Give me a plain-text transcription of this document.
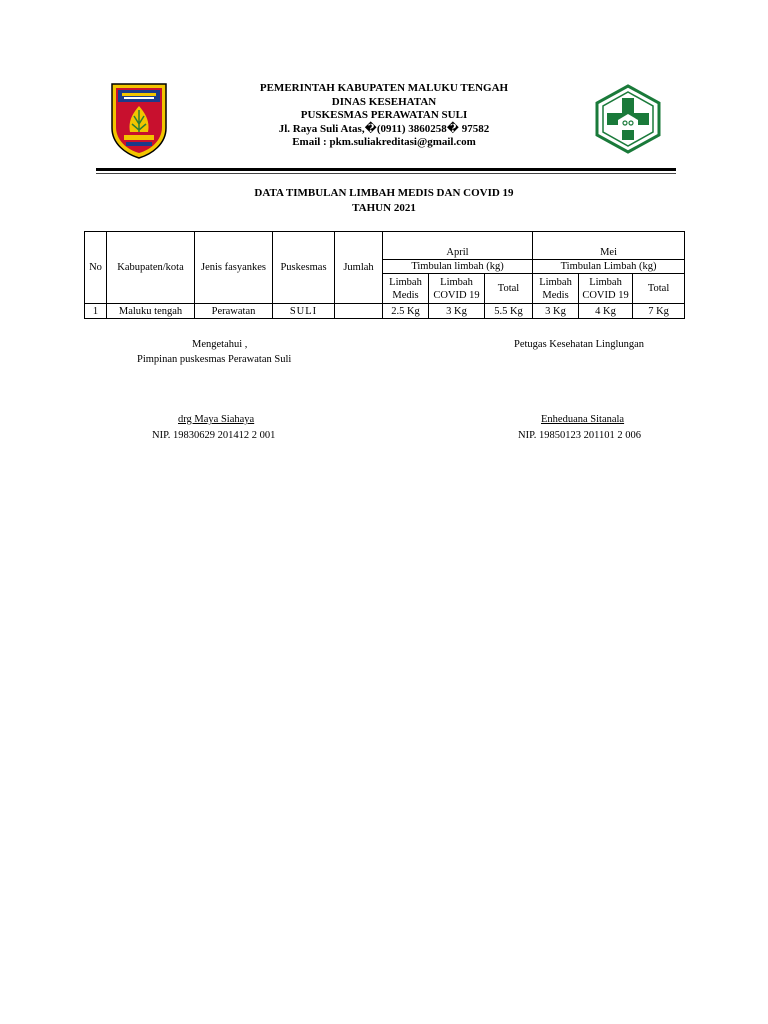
PEMERINTAH KABUPATEN MALUKU TENGAH
DINAS KESEHATAN
PUSKESMAS PERAWATAN SULI
Jl. Raya Suli Atas,�(0911) 3860258� 97582
Email : pkm.suliakreditasi@gmail.com
DATA TIMBULAN LIMBAH MEDIS DAN COVID 19
TAHUN 2021
No	Kabupaten/kota	Jenis fasyankes	Puskesmas	Jumlah	April			Mei		
					Timbulan limbah (kg)			Timbulan Limbah (kg)		
					Limbah Medis	Limbah COVID 19	Total	Limbah Medis	Limbah COVID 19	Total
1	Maluku tengah	Perawatan	SULI		2.5 Kg	3 Kg	5.5 Kg	3 Kg	4 Kg	7 Kg
Mengetahui ,
Pimpinan puskesmas Perawatan Suli
drg Maya Siahaya
NIP. 19830629 201412 2 001
Petugas Kesehatan Linglungan
Enheduana Sitanala
NIP. 19850123 201101 2 006
